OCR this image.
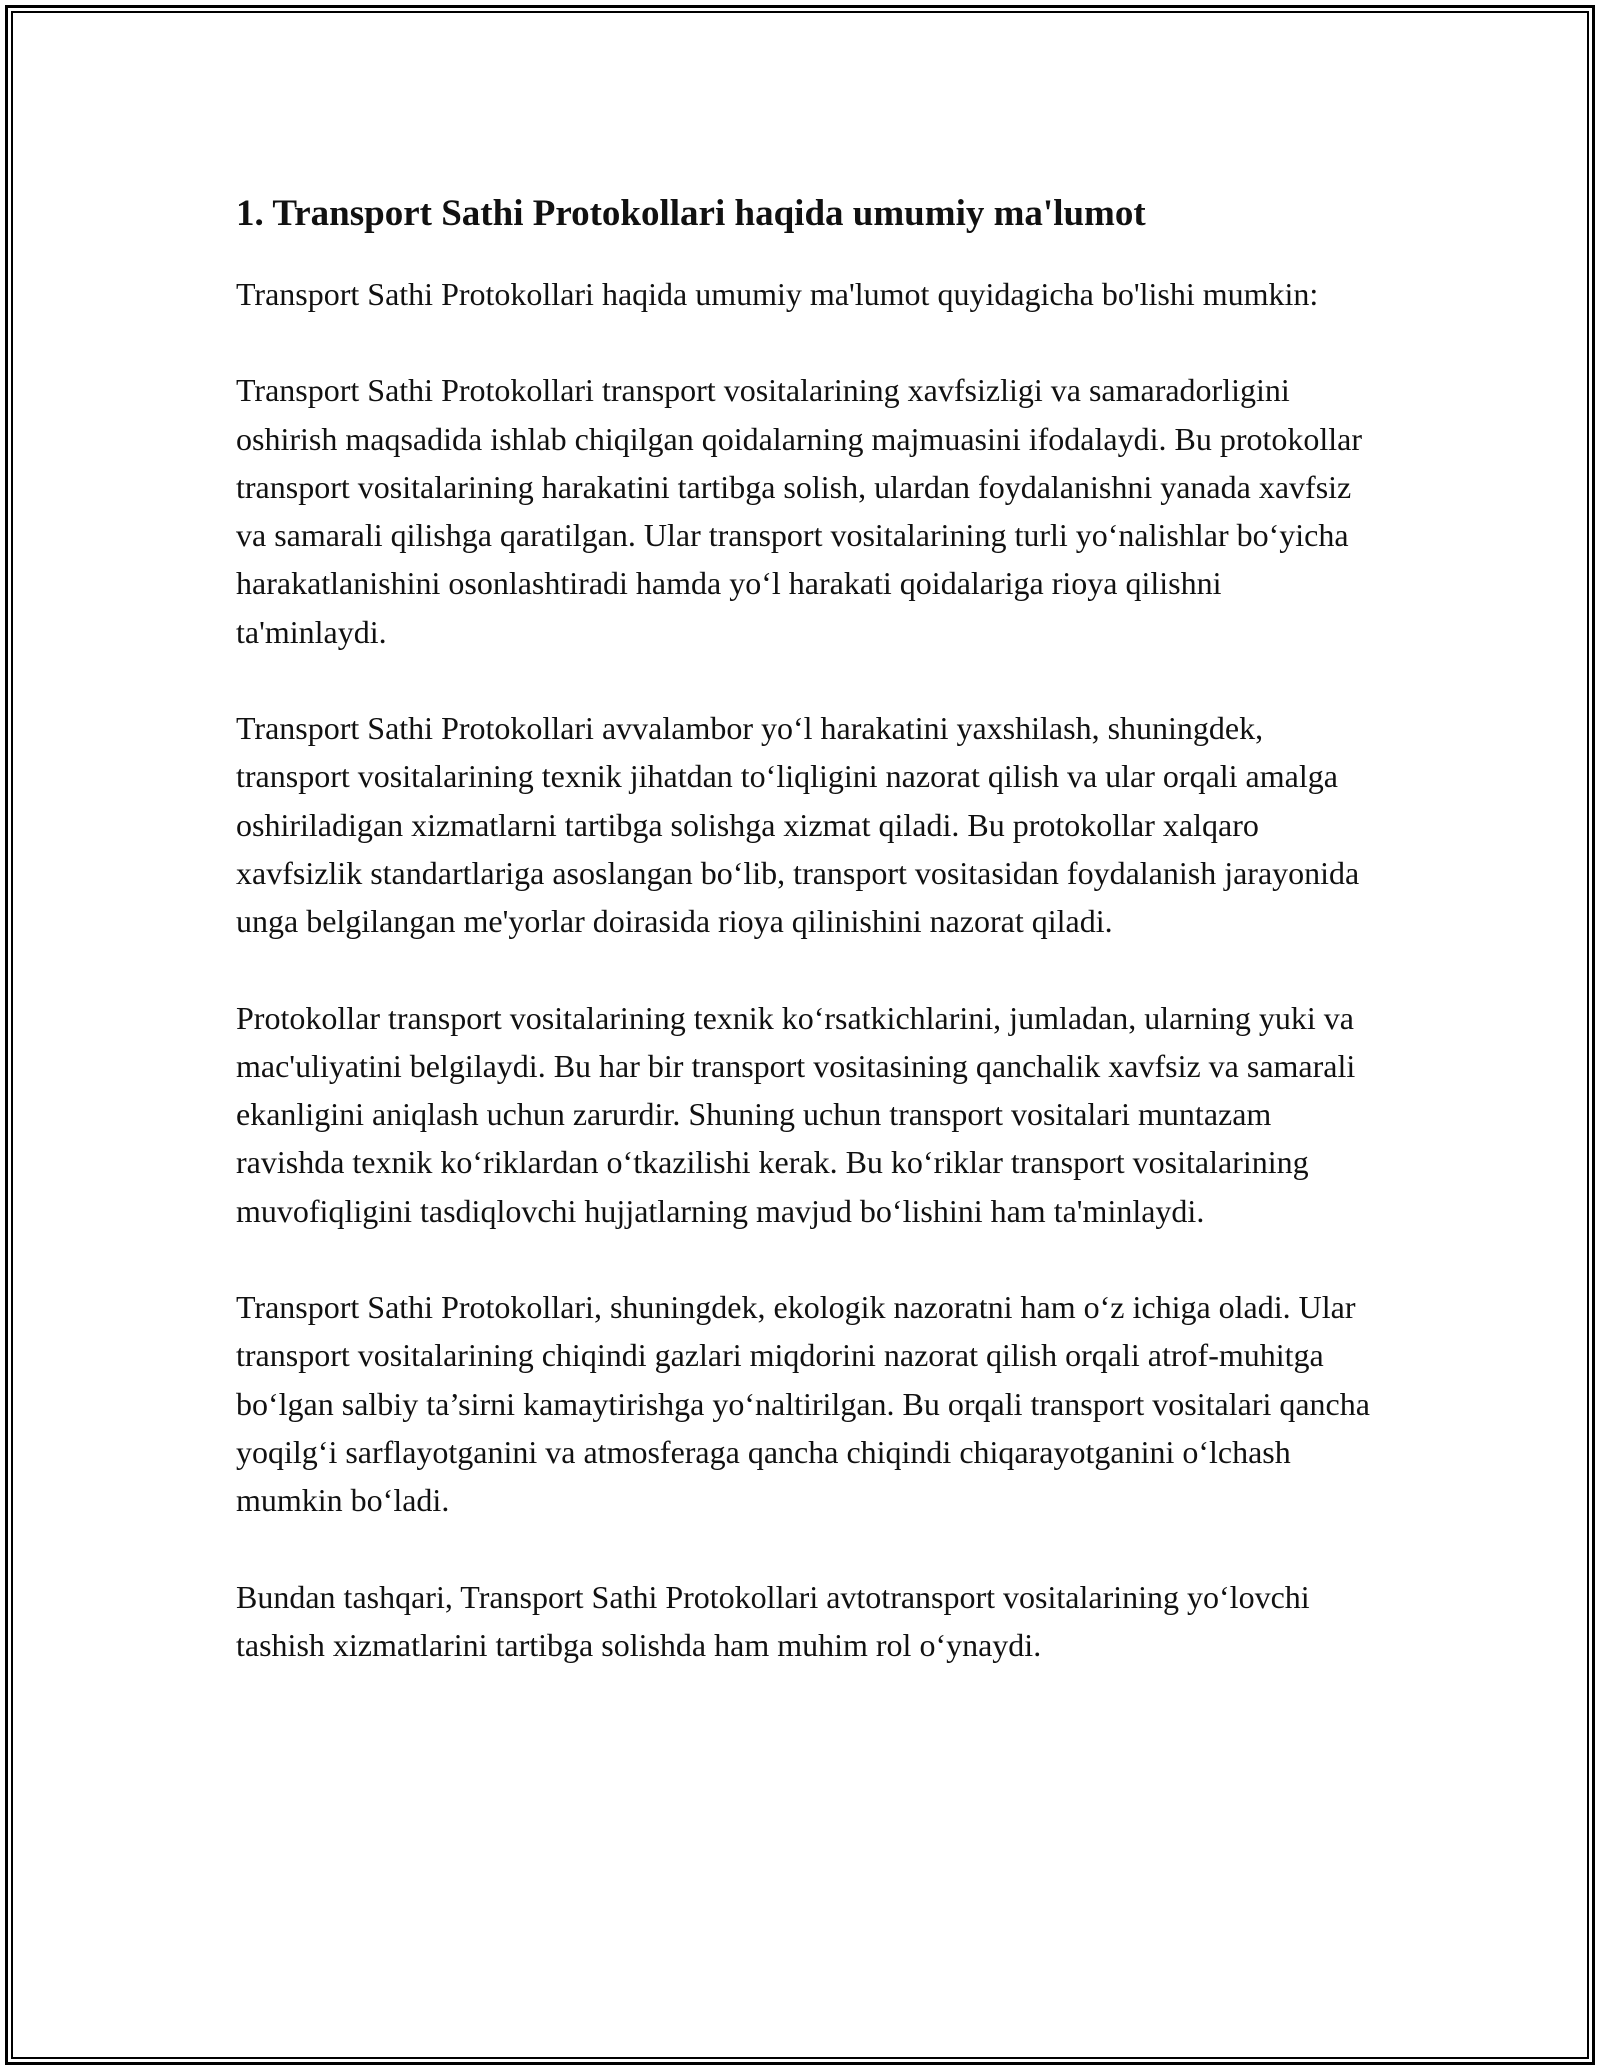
1. Transport Sathi Protokollari haqida umumiy ma'lumot

Transport Sathi Protokollari haqida umumiy ma'lumot quyidagicha bo'lishi mumkin:

Transport Sathi Protokollari transport vositalarining xavfsizligi va samaradorligini oshirish maqsadida ishlab chiqilgan qoidalarning majmuasini ifodalaydi. Bu protokollar transport vositalarining harakatini tartibga solish, ulardan foydalanishni yanada xavfsiz va samarali qilishga qaratilgan. Ular transport vositalarining turli yo‘nalishlar bo‘yicha harakatlanishini osonlashtiradi hamda yo‘l harakati qoidalariga rioya qilishni ta'minlaydi.

Transport Sathi Protokollari avvalambor yo‘l harakatini yaxshilash, shuningdek, transport vositalarining texnik jihatdan to‘liqligini nazorat qilish va ular orqali amalga oshiriladigan xizmatlarni tartibga solishga xizmat qiladi. Bu protokollar xalqaro xavfsizlik standartlariga asoslangan bo‘lib, transport vositasidan foydalanish jarayonida unga belgilangan me'yorlar doirasida rioya qilinishini nazorat qiladi.

Protokollar transport vositalarining texnik ko‘rsatkichlarini, jumladan, ularning yuki va mac'uliyatini belgilaydi. Bu har bir transport vositasining qanchalik xavfsiz va samarali ekanligini aniqlash uchun zarurdir. Shuning uchun transport vositalari muntazam ravishda texnik ko‘riklardan o‘tkazilishi kerak. Bu ko‘riklar transport vositalarining muvofiqligini tasdiqlovchi hujjatlarning mavjud bo‘lishini ham ta'minlaydi.

Transport Sathi Protokollari, shuningdek, ekologik nazoratni ham o‘z ichiga oladi. Ular transport vositalarining chiqindi gazlari miqdorini nazorat qilish orqali atrof-muhitga bo‘lgan salbiy ta’sirni kamaytirishga yo‘naltirilgan. Bu orqali transport vositalari qancha yoqilg‘i sarflayotganini va atmosferaga qancha chiqindi chiqarayotganini o‘lchash mumkin bo‘ladi.

Bundan tashqari, Transport Sathi Protokollari avtotransport vositalarining yo‘lovchi tashish xizmatlarini tartibga solishda ham muhim rol o‘ynaydi.
